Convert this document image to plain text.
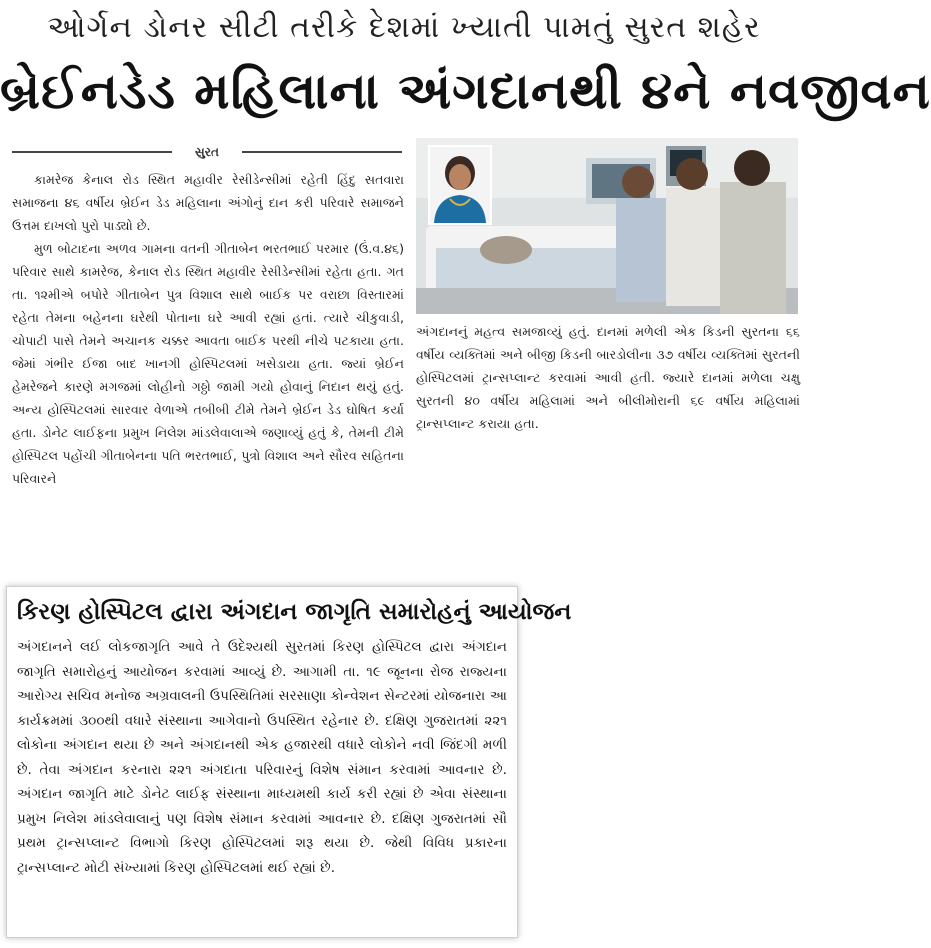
ઓર્ગન ડોનર સીટી તરીકે દેશમાં ખ્યાતી પામતું સુરત શહેર
બ્રેઈનડેડ મહિલાના અંગદાનથી ૪ને નવજીવન
સુરત

કામરેજ કેનાલ રોડ સ્થિત મહાવીર રેસીડેન્સીમાં રહેતી હિંદુ સતવારા સમાજના ૪૬ વર્ષીય બ્રેઈન ડેડ મહિલાના અંગોનું દાન કરી પરિવારે સમાજને ઉત્તમ દાખલો પુરો પાડ્યો છે.

મુળ બોટાદના અળવ ગામના વતની ગીતાબેન ભરતભાઈ પરમાર (ઉં.વ.૪૬) પરિવાર સાથે કામરેજ, કેનાલ રોડ સ્થિત મહાવીર રેસીડેન્સીમાં રહેતા હતા. ગત તા. ૧૨મીએ બપોરે ગીતાબેન પુત્ર વિશાલ સાથે બાઈક પર વરાછા વિસ્તારમાં રહેતા તેમના બહેનના ઘરેથી પોતાના ઘરે આવી રહ્યાં હતાં. ત્યારે ચીકુવાડી, ચોપાટી પાસે તેમને અચાનક ચક્કર આવતા બાઈક પરથી નીચે પટકાયા હતા. જેમાં ગંભીર ઈજા બાદ ખાનગી હોસ્પિટલમાં ખસેડાયા હતા. જ્યાં બ્રેઈન હેમરેજને કારણે મગજમાં લોહીનો ગઠ્ઠો જામી ગયો હોવાનું નિદાન થયું હતું. અન્ય હોસ્પિટલમાં સારવાર વેળાએ તબીબી ટીમે તેમને બ્રેઈન ડેડ ઘોષિત કર્યા હતા. ડોનેટ લાઈફના પ્રમુખ નિલેશ માંડલેવાલાએ જણાવ્યું હતું કે, તેમની ટીમે હોસ્પિટલ પહોંચી ગીતાબેનના પતિ ભરતભાઈ, પુત્રો વિશાલ અને સૌરવ સહિતના પરિવારને

અંગદાનનું મહત્વ સમજાવ્યું હતું. દાનમાં મળેલી એક કિડની સુરતના ૬૬ વર્ષીય વ્યક્તિમાં અને બીજી કિડની બારડોલીના ૩૭ વર્ષીય વ્યક્તિમાં સુરતની હોસ્પિટલમાં ટ્રાન્સપ્લાન્ટ કરવામાં આવી હતી. જ્યારે દાનમાં મળેલા ચક્ષુ સુરતની ૪૦ વર્ષીય મહિલામાં અને બીલીમોરાની ૬૯ વર્ષીય મહિલામાં ટ્રાન્સપ્લાન્ટ કરાયા હતા.

કિરણ હોસ્પિટલ દ્વારા અંગદાન જાગૃતિ સમારોહનું આયોજન
અંગદાનને લઈ લોકજાગૃતિ આવે તે ઉદેશ્યથી સુરતમાં કિરણ હોસ્પિટલ દ્વારા અંગદાન જાગૃતિ સમારોહનું આયોજન કરવામાં આવ્યું છે. આગામી તા. ૧૯ જૂનના રોજ રાજ્યના આરોગ્ય સચિવ મનોજ અગ્રવાલની ઉપસ્થિતિમાં સરસાણા કોન્વેશન સેન્ટરમાં યોજનારા આ કાર્યક્રમમાં ૩૦૦થી વધારે સંસ્થાના આગેવાનો ઉપસ્થિત રહેનાર છે. દક્ષિણ ગુજરાતમાં ૨૨૧ લોકોના અંગદાન થયા છે અને અંગદાનથી એક હજારથી વધારે લોકોને નવી જિંદગી મળી છે. તેવા અંગદાન કરનારા ૨૨૧ અંગદાતા પરિવારનું વિશેષ સંમાન કરવામાં આવનાર છે. અંગદાન જાગૃતિ માટે ડોનેટ લાઈફ સંસ્થાના માધ્યમથી કાર્ય કરી રહ્યાં છે એવા સંસ્થાના પ્રમુખ નિલેશ માંડલેવાલાનું પણ વિશેષ સંમાન કરવામાં આવનાર છે. દક્ષિણ ગુજરાતમાં સૌ પ્રથમ ટ્રાન્સપ્લાન્ટ વિભાગો કિરણ હોસ્પિટલમાં શરૂ થયા છે. જેથી વિવિધ પ્રકારના ટ્રાન્સપ્લાન્ટ મોટી સંખ્યામાં કિરણ હોસ્પિટલમાં થઈ રહ્યાં છે.
